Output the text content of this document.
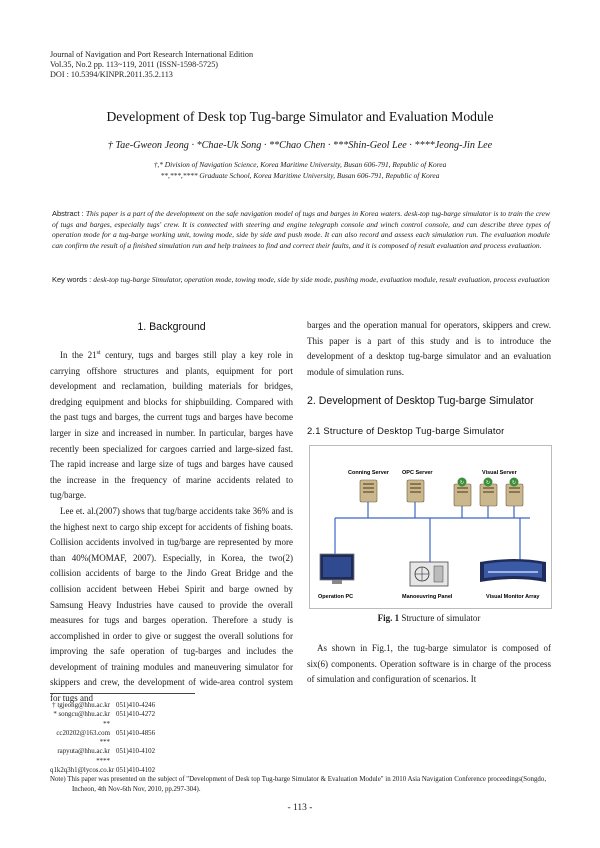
Journal of Navigation and Port Research International Edition
Vol.35, No.2 pp. 113~119, 2011 (ISSN-1598-5725)
DOI : 10.5394/KINPR.2011.35.2.113
Development of Desk top Tug-barge Simulator and Evaluation Module
† Tae-Gweon Jeong · *Chae-Uk Song · **Chao Chen · ***Shin-Geol Lee · ****Jeong-Jin Lee
†,* Division of Navigation Science, Korea Maritime University, Busan 606-791, Republic of Korea
**,***,**** Graduate School, Korea Maritime University, Busan 606-791, Republic of Korea
Abstract : This paper is a part of the development on the safe navigation model of tugs and barges in Korea waters. desk-top tug-barge simulator is to train the crew of tugs and barges, especially tugs' crew. It is connected with steering and engine telegraph console and winch control console, and can describe three types of operation mode for a tug-barge working unit, towing mode, side by side and push mode. It can also record and assess each simulation run. The evaluation module can confirm the result of a finished simulation run and help trainees to find and correct their faults, and it is composed of result evaluation and process evaluation.
Key words : desk-top tug-barge Simulator, operation mode, towing mode, side by side mode, pushing mode, evaluation module, result evaluation, process evaluation
1. Background

In the 21st century, tugs and barges still play a key role in carrying offshore structures and plants, equipment for port development and reclamation, building materials for bridges, dredging equipment and blocks for shipbuilding. Compared with the past tugs and barges, the current tugs and barges have become larger in size and increased in number. In particular, barges have recently been specialized for cargoes carried and large-sized fast. The rapid increase and large size of tugs and barges have caused the increase in the frequency of marine accidents related to tug/barge.

Lee et. al.(2007) shows that tug/barge accidents take 36% and is the highest next to cargo ship except for accidents of fishing boats. Collision accidents involved in tug/barge are represented by more than 40%(MOMAF, 2007). Especially, in Korea, the two(2) collision accidents of barge to the Jindo Great Bridge and the collision accident between Hebei Spirit and barge owned by Samsung Heavy Industries have caused to provide the overall measures for tugs and barges operation. Therefore a study is accomplished in order to give or suggest the overall solutions for improving the safe operation of tug-barges and includes the development of training modules and maneuvering simulator for skippers and crew, the development of wide-area control system for tugs and

barges and the operation manual for operators, skippers and crew. This paper is a part of this study and is to introduce the development of a desktop tug-barge simulator and an evaluation module of simulation runs.

2. Development of Desktop Tug-barge Simulator
2.1 Structure of Desktop Tug-barge Simulator
Conning Server OPC Server	Visual Server
↻	↻	↻
Operation PC	Manoeuvring Panel	Visual Monitor Array
Fig. 1 Structure of simulator

As shown in Fig.1, the tug-barge simulator is composed of six(6) components. Operation software is in charge of the process of simulation and configuration of scenarios. It

† tgjeong@hhu.ac.kr 051)410-4246
* songcu@hhu.ac.kr 051)410-4272
** cc20202@163.com 051)410-4856
*** rapyuta@hhu.ac.kr 051)410-4102
**** q1k2q3h1@lycos.co.kr 051)410-4102
Note) This paper was presented on the subject of "Development of Desk top Tug-barge Simulator & Evaluation Module" in 2010 Asia Navigation Conference proceedings(Songdo, Incheon, 4th Nov-6th Nov, 2010, pp.297-304).
- 113 -
